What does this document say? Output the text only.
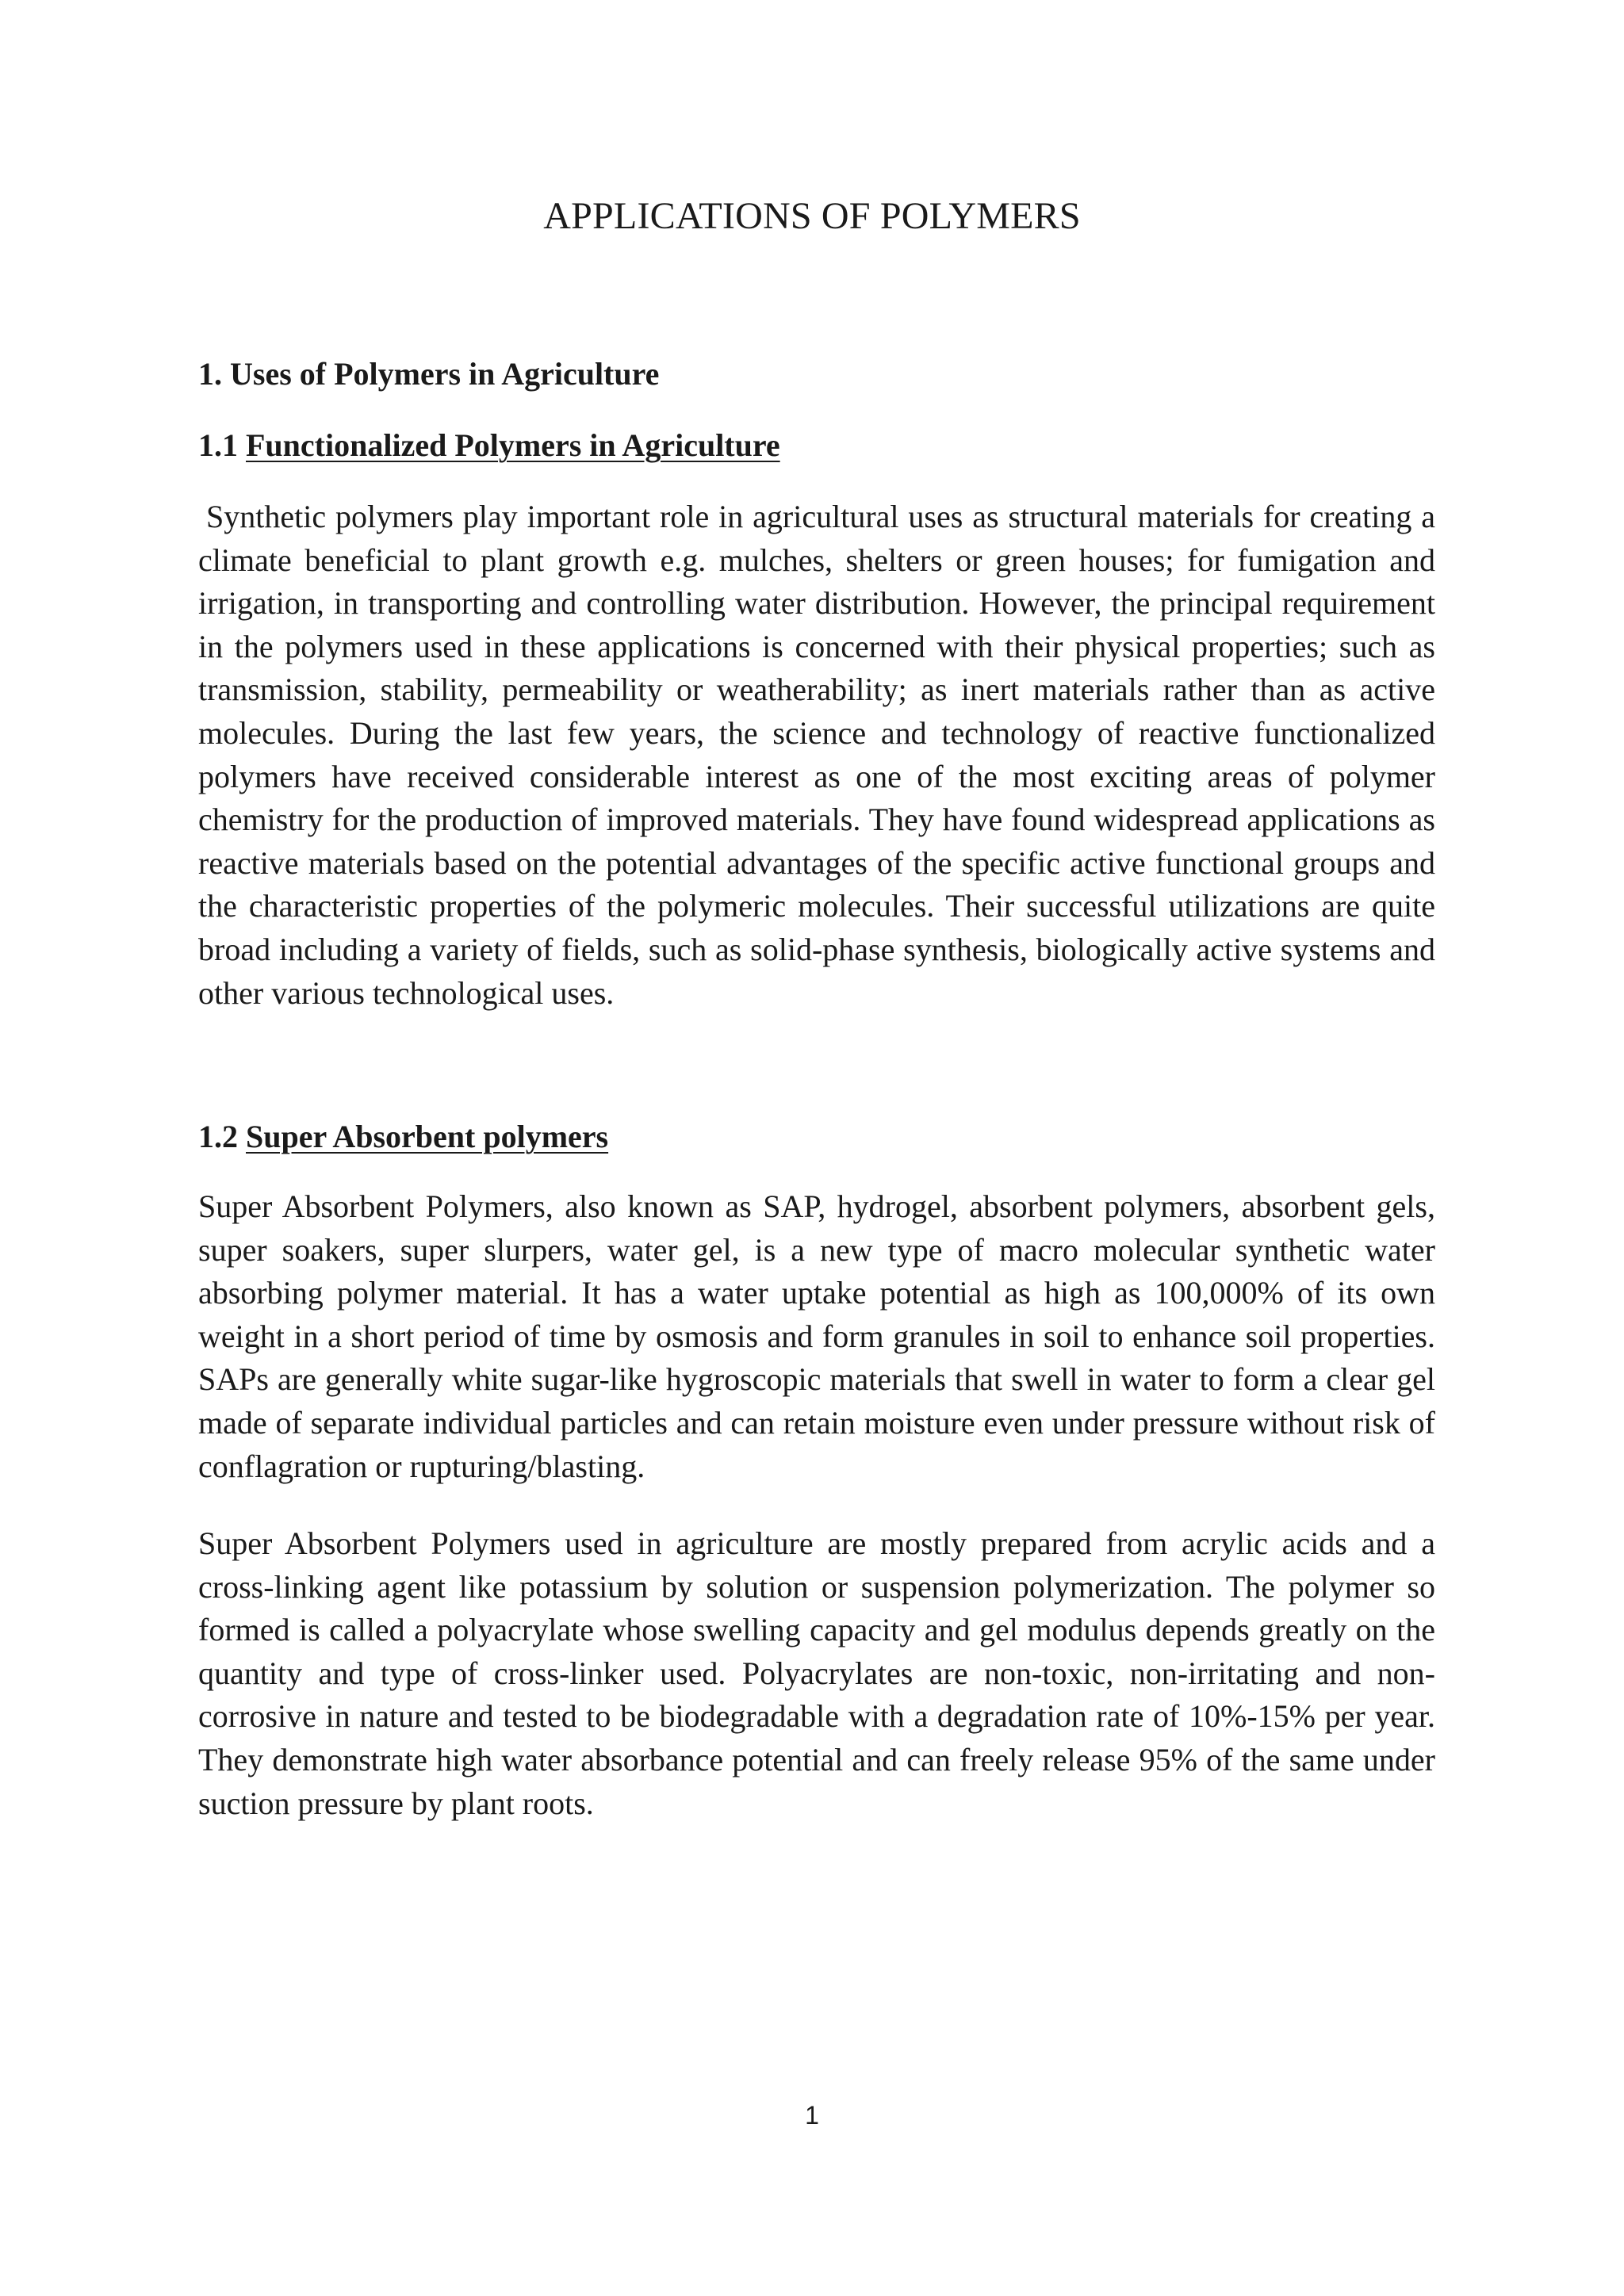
APPLICATIONS OF POLYMERS
1. Uses of Polymers in Agriculture
1.1 Functionalized Polymers in Agriculture

Synthetic polymers play important role in agricultural uses as structural materials for creating a climate beneficial to plant growth e.g. mulches, shelters or green houses; for fumigation and irrigation, in transporting and controlling water distribution. However, the principal requirement in the polymers used in these applications is concerned with their physical properties; such as transmission, stability, permeability or weatherability; as inert materials rather than as active molecules. During the last few years, the science and technology of reactive functionalized polymers have received considerable interest as one of the most exciting areas of polymer chemistry for the production of improved materials. They have found widespread applications as reactive materials based on the potential advantages of the specific active functional groups and the characteristic properties of the polymeric molecules. Their successful utilizations are quite broad including a variety of fields, such as solid-phase synthesis, biologically active systems and other various technological uses.

1.2 Super Absorbent polymers

Super Absorbent Polymers, also known as SAP, hydrogel, absorbent polymers, absorbent gels, super soakers, super slurpers, water gel, is a new type of macro molecular synthetic water absorbing polymer material. It has a water uptake potential as high as 100,000% of its own weight in a short period of time by osmosis and form granules in soil to enhance soil properties. SAPs are generally white sugar-like hygroscopic materials that swell in water to form a clear gel made of separate individual particles and can retain moisture even under pressure without risk of conflagration or rupturing/blasting.

Super Absorbent Polymers used in agriculture are mostly prepared from acrylic acids and a cross-linking agent like potassium by solution or suspension polymerization. The polymer so formed is called a polyacrylate whose swelling capacity and gel modulus depends greatly on the quantity and type of cross-linker used. Polyacrylates are non-toxic, non-irritating and non-corrosive in nature and tested to be biodegradable with a degradation rate of 10%-15% per year. They demonstrate high water absorbance potential and can freely release 95% of the same under suction pressure by plant roots.

1
